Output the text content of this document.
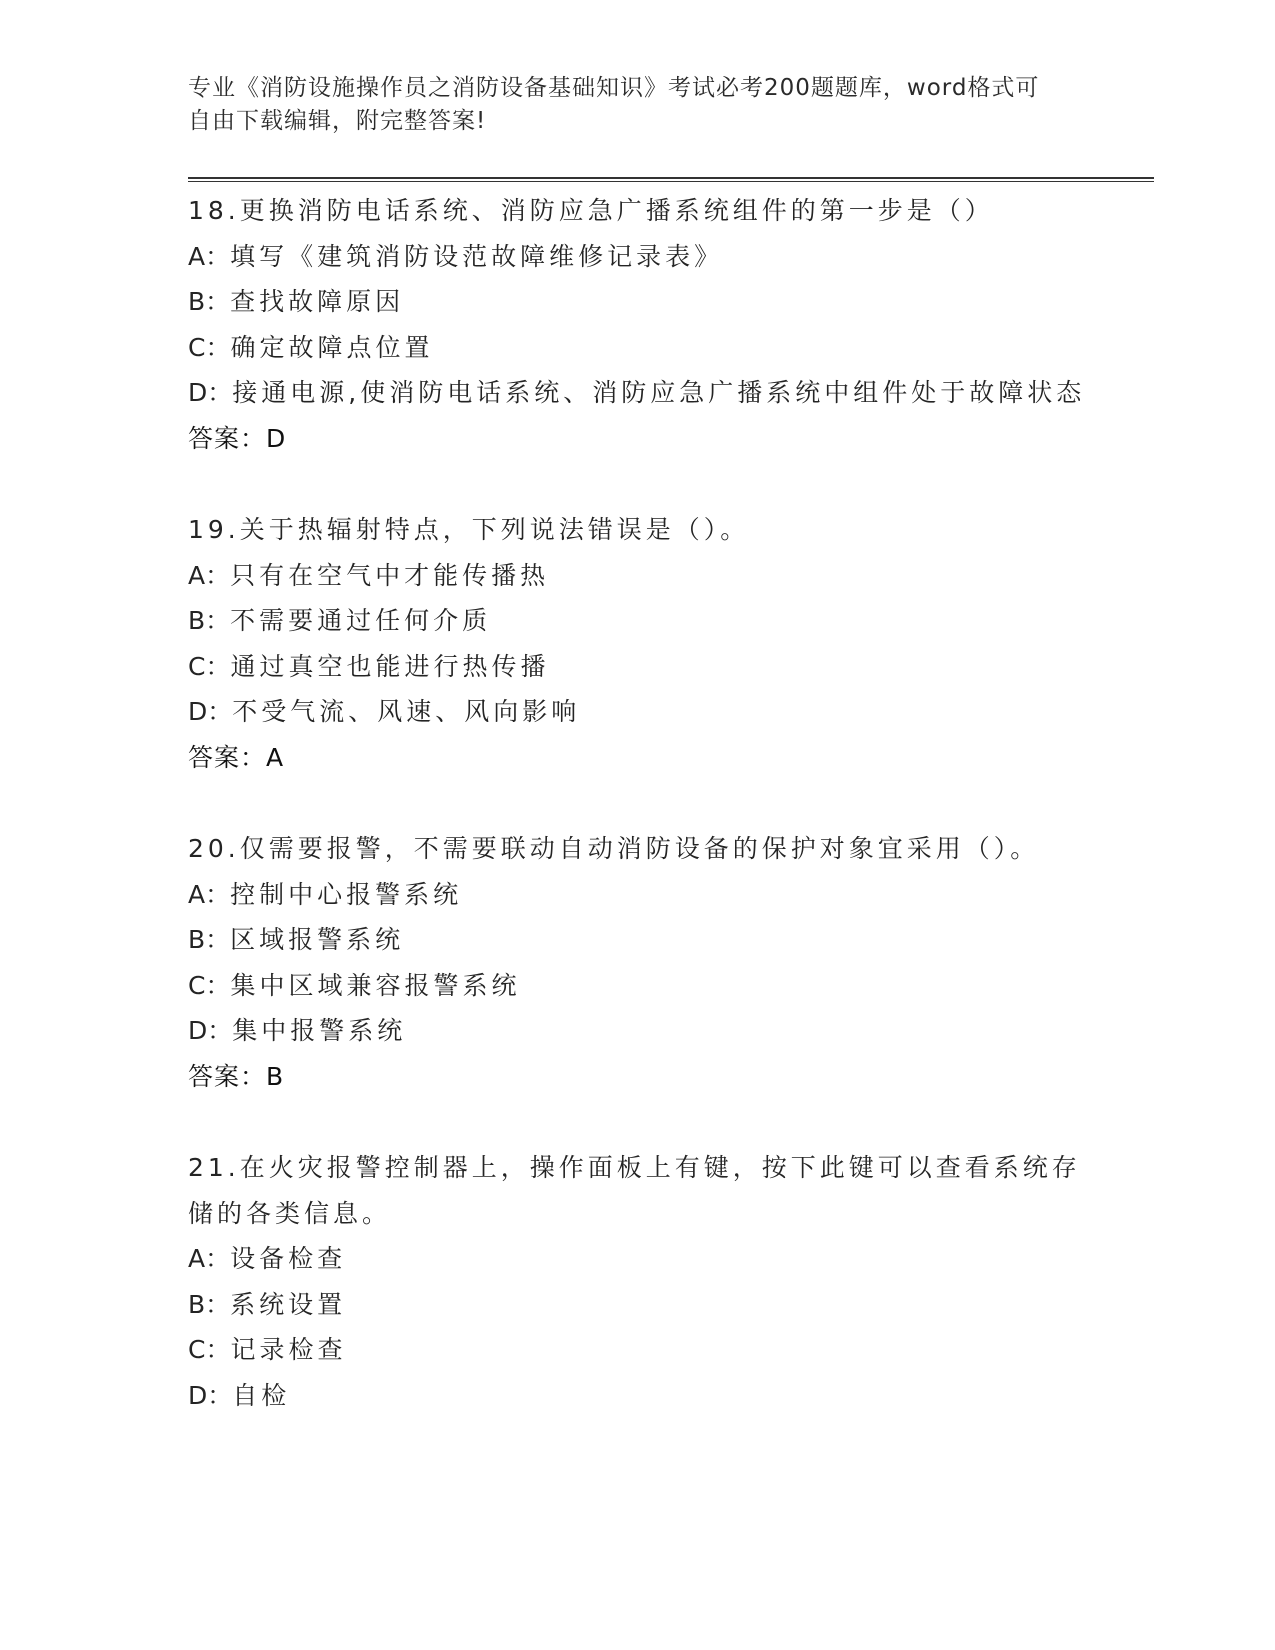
专业《消防设施操作员之消防设备基础知识》考试必考200题题库，word格式可
自由下载编辑，附完整答案!
18.更换消防电话系统、消防应急广播系统组件的第一步是（）
A：填写《建筑消防设范故障维修记录表》
B：查找故障原因
C：确定故障点位置
D：接通电源,使消防电话系统、消防应急广播系统中组件处于故障状态
答案：D
19.关于热辐射特点，下列说法错误是（）。
A：只有在空气中才能传播热
B：不需要通过任何介质
C：通过真空也能进行热传播
D：不受气流、风速、风向影响
答案：A
20.仅需要报警，不需要联动自动消防设备的保护对象宜采用（）。
A：控制中心报警系统
B：区域报警系统
C：集中区域兼容报警系统
D：集中报警系统
答案：B
21.在火灾报警控制器上，操作面板上有键，按下此键可以查看系统存储的各类信息。
A：设备检查
B：系统设置
C：记录检查
D：自检
